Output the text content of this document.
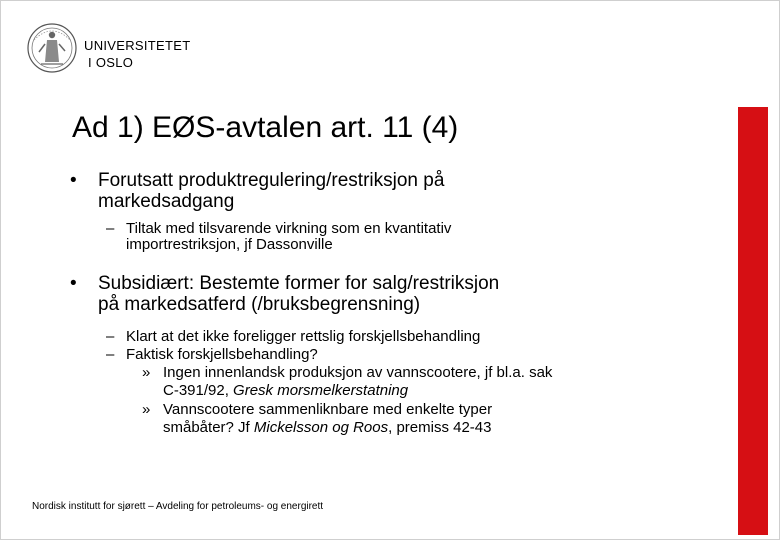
UNIVERSITETET
I OSLO
Ad 1) EØS-avtalen art. 11 (4)
• Forutsatt produktregulering/restriksjon på
markedsadgang
– Tiltak med tilsvarende virkning som en kvantitativ
importrestriksjon, jf Dassonville
• Subsidiært: Bestemte former for salg/restriksjon
på markedsatferd (/bruksbegrensning)
– Klart at det ikke foreligger rettslig forskjellsbehandling
– Faktisk forskjellsbehandling?
» Ingen innenlandsk produksjon av vannscootere, jf bl.a. sak
C-391/92, Gresk morsmelkerstatning
» Vannscootere sammenliknbare med enkelte typer
småbåter? Jf Mickelsson og Roos, premiss 42-43
Nordisk institutt for sjørett – Avdeling for petroleums- og energirett
